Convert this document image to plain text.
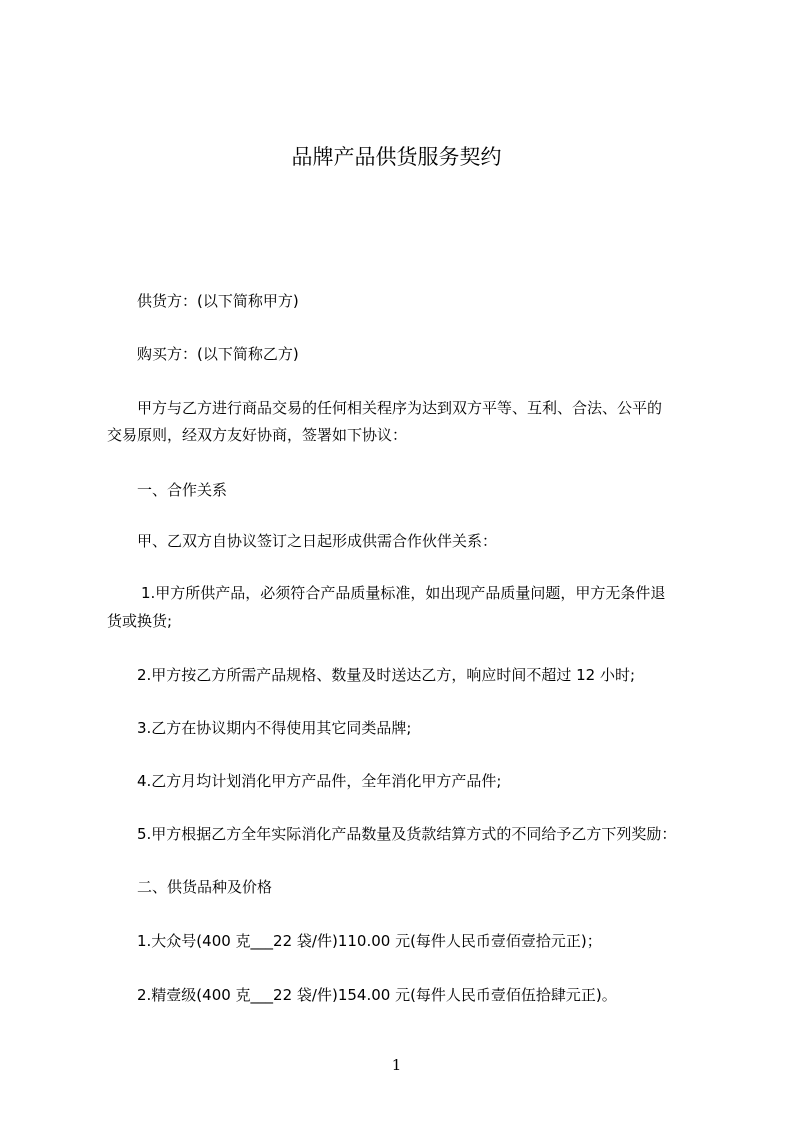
品牌产品供货服务契约

供货方：(以下简称甲方)

购买方：(以下简称乙方)

甲方与乙方进行商品交易的任何相关程序为达到双方平等、互利、合法、公平的

交易原则，经双方友好协商，签署如下协议：

一、合作关系

甲、乙双方自协议签订之日起形成供需合作伙伴关系：

1.甲方所供产品，必须符合产品质量标准，如出现产品质量问题，甲方无条件退

货或换货;

2.甲方按乙方所需产品规格、数量及时送达乙方，响应时间不超过 12 小时;

3.乙方在协议期内不得使用其它同类品牌;

4.乙方月均计划消化甲方产品件，全年消化甲方产品件;

5.甲方根据乙方全年实际消化产品数量及货款结算方式的不同给予乙方下列奖励：

二、供货品种及价格

1.大众号(400 克___22 袋/件)110.00 元(每件人民币壹佰壹拾元正)；

2.精壹级(400 克___22 袋/件)154.00 元(每件人民币壹佰伍拾肆元正)。

1
